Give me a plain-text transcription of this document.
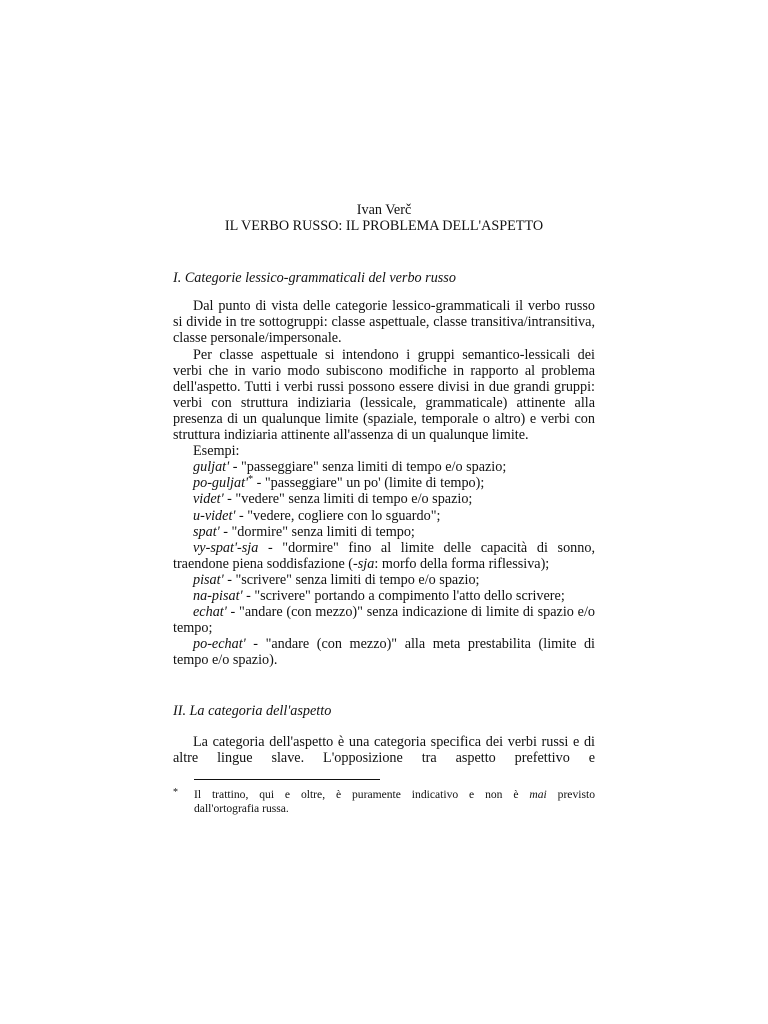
Ivan Verč
IL VERBO RUSSO: IL PROBLEMA DELL'ASPETTO
I. Categorie lessico-grammaticali del verbo russo

Dal punto di vista delle categorie lessico-grammaticali il verbo russo si divide in tre sottogruppi: classe aspettuale, classe transitiva/intransitiva, classe personale/impersonale.

Per classe aspettuale si intendono i gruppi semantico-lessicali dei verbi che in vario modo subiscono modifiche in rapporto al problema dell'aspetto. Tutti i verbi russi possono essere divisi in due grandi gruppi: verbi con struttura indiziaria (lessicale, grammaticale) attinente alla presenza di un qualunque limite (spaziale, temporale o altro) e verbi con struttura indiziaria attinente all'assenza di un qualunque limite.

Esempi:

guljat' - "passeggiare" senza limiti di tempo e/o spazio;

po-guljat'* - "passeggiare" un po' (limite di tempo);

videt' - "vedere" senza limiti di tempo e/o spazio;

u-videt' - "vedere, cogliere con lo sguardo";

spat' - "dormire" senza limiti di tempo;

vy-spat'-sja - "dormire" fino al limite delle capacità di sonno, traendone piena soddisfazione (-sja: morfo della forma riflessiva);

pisat' - "scrivere" senza limiti di tempo e/o spazio;

na-pisat' - "scrivere" portando a compimento l'atto dello scrivere;

echat' - "andare (con mezzo)" senza indicazione di limite di spazio e/o tempo;

po-echat' - "andare (con mezzo)" alla meta prestabilita (limite di tempo e/o spazio).

II. La categoria dell'aspetto

La categoria dell'aspetto è una categoria specifica dei verbi russi e di altre lingue slave. L'opposizione tra aspetto prefettivo e

* Il trattino, qui e oltre, è puramente indicativo e non è mai previsto
dall'ortografia russa.
